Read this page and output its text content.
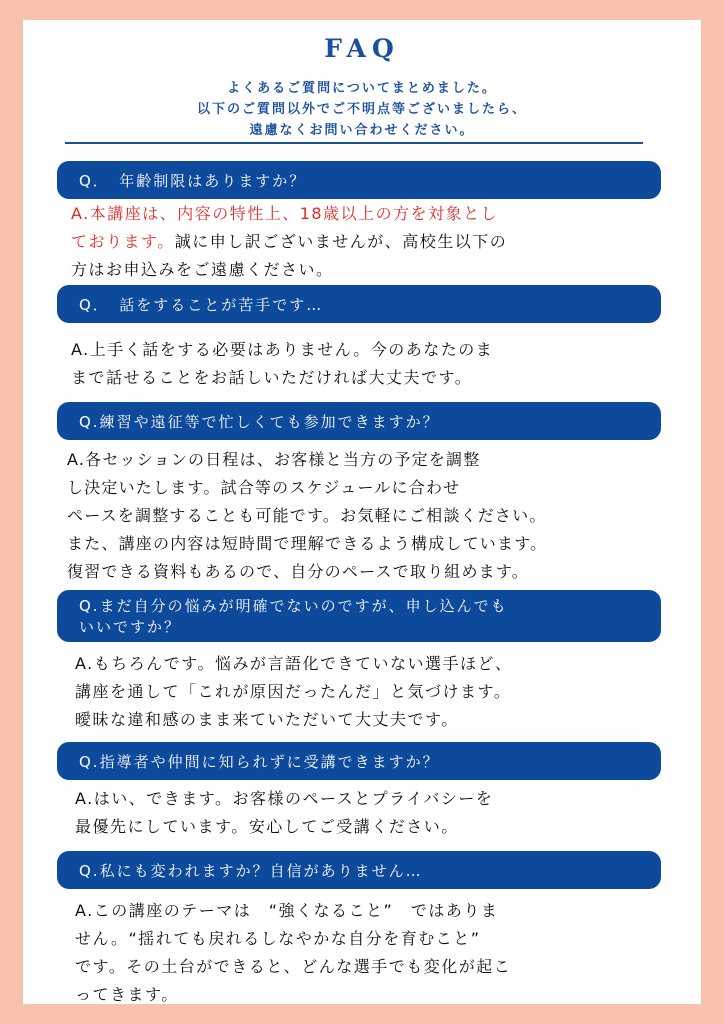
FAQ
よくあるご質問についてまとめました。
以下のご質問以外でご不明点等ございましたら、
遠慮なくお問い合わせください。
Q．　年齢制限はありますか？
A.本講座は、内容の特性上、18歳以上の方を対象とし
ております。誠に申し訳ございませんが、高校生以下の
方はお申込みをご遠慮ください。
Q．　話をすることが苦手です…
A.上手く話をする必要はありません。今のあなたのま
まで話せることをお話しいただければ大丈夫です。
Q.練習や遠征等で忙しくても参加できますか？
A.各セッションの日程は、お客様と当方の予定を調整
し決定いたします。試合等のスケジュールに合わせ
ペースを調整することも可能です。お気軽にご相談ください。
また、講座の内容は短時間で理解できるよう構成しています。
復習できる資料もあるので、自分のペースで取り組めます。
Q.まだ自分の悩みが明確でないのですが、申し込んでも
いいですか？
A.もちろんです。悩みが言語化できていない選手ほど、
講座を通して「これが原因だったんだ」と気づけます。
曖昧な違和感のまま来ていただいて大丈夫です。
Q.指導者や仲間に知られずに受講できますか？
A.はい、できます。お客様のペースとプライバシーを
最優先にしています。安心してご受講ください。
Q.私にも変われますか？自信がありません…
A.この講座のテーマは　“強くなること”　ではありま
せん。“揺れても戻れるしなやかな自分を育むこと”
です。その土台ができると、どんな選手でも変化が起こ
ってきます。
